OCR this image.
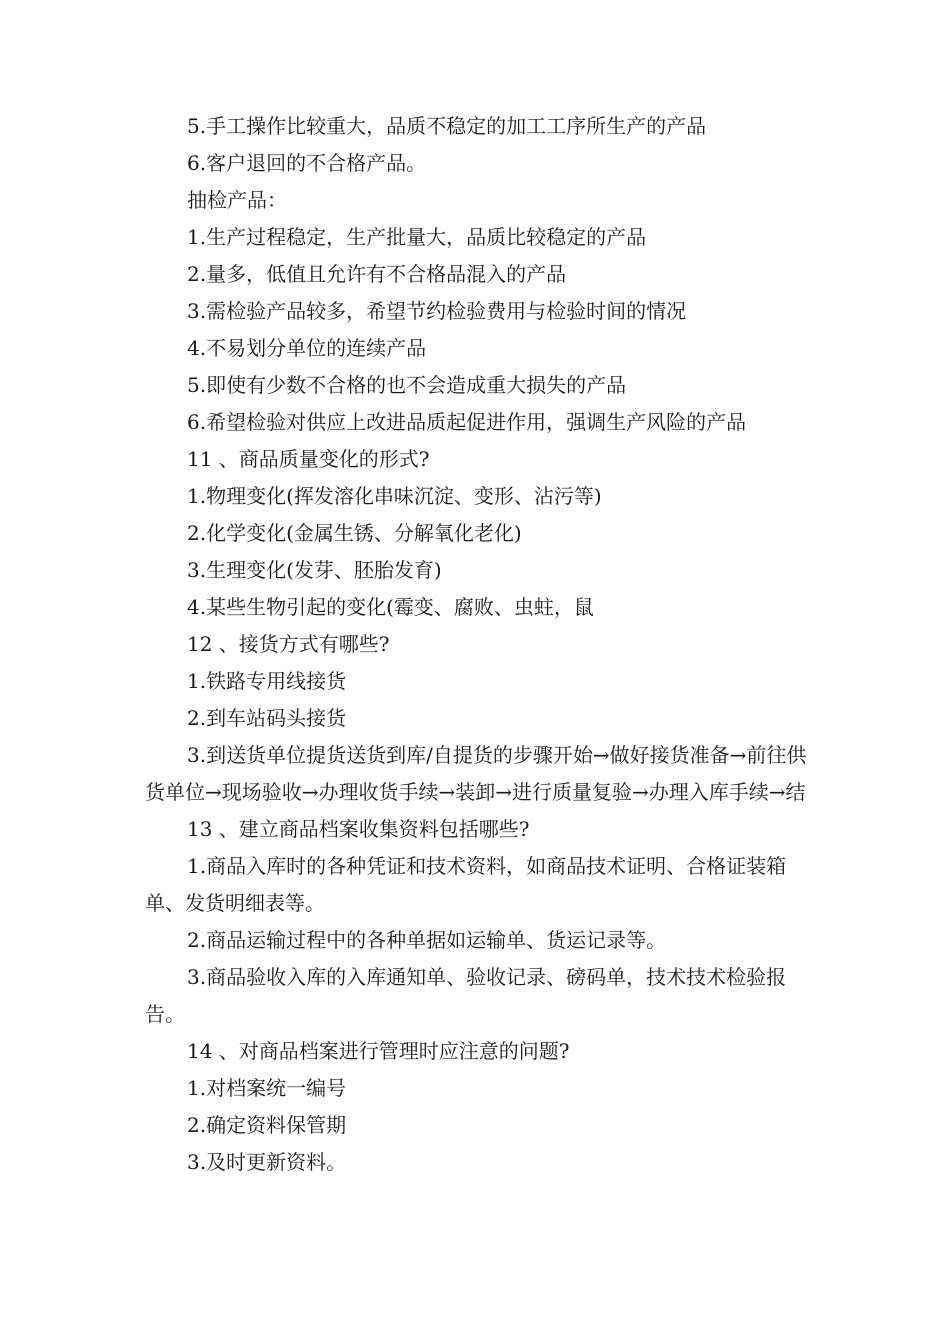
5.手工操作比较重大，品质不稳定的加工工序所生产的产品

6.客户退回的不合格产品。

抽检产品：

1.生产过程稳定，生产批量大，品质比较稳定的产品

2.量多，低值且允许有不合格品混入的产品

3.需检验产品较多，希望节约检验费用与检验时间的情况

4.不易划分单位的连续产品

5.即使有少数不合格的也不会造成重大损失的产品

6.希望检验对供应上改进品质起促进作用，强调生产风险的产品

11 、商品质量变化的形式?

1.物理变化(挥发溶化串味沉淀、变形、沾污等)

2.化学变化(金属生锈、分解氧化老化)

3.生理变化(发芽、胚胎发育)

4.某些生物引起的变化(霉变、腐败、虫蛀，鼠

12 、接货方式有哪些?

1.铁路专用线接货

2.到车站码头接货

3.到送货单位提货送货到库/自提货的步骤开始→做好接货准备→前往供货单位→现场验收→办理收货手续→装卸→进行质量复验→办理入库手续→结

13 、建立商品档案收集资料包括哪些?

1.商品入库时的各种凭证和技术资料，如商品技术证明、合格证装箱单、发货明细表等。

2.商品运输过程中的各种单据如运输单、货运记录等。

3.商品验收入库的入库通知单、验收记录、磅码单，技术技术检验报告。

14 、对商品档案进行管理时应注意的问题?

1.对档案统一编号

2.确定资料保管期

3.及时更新资料。
